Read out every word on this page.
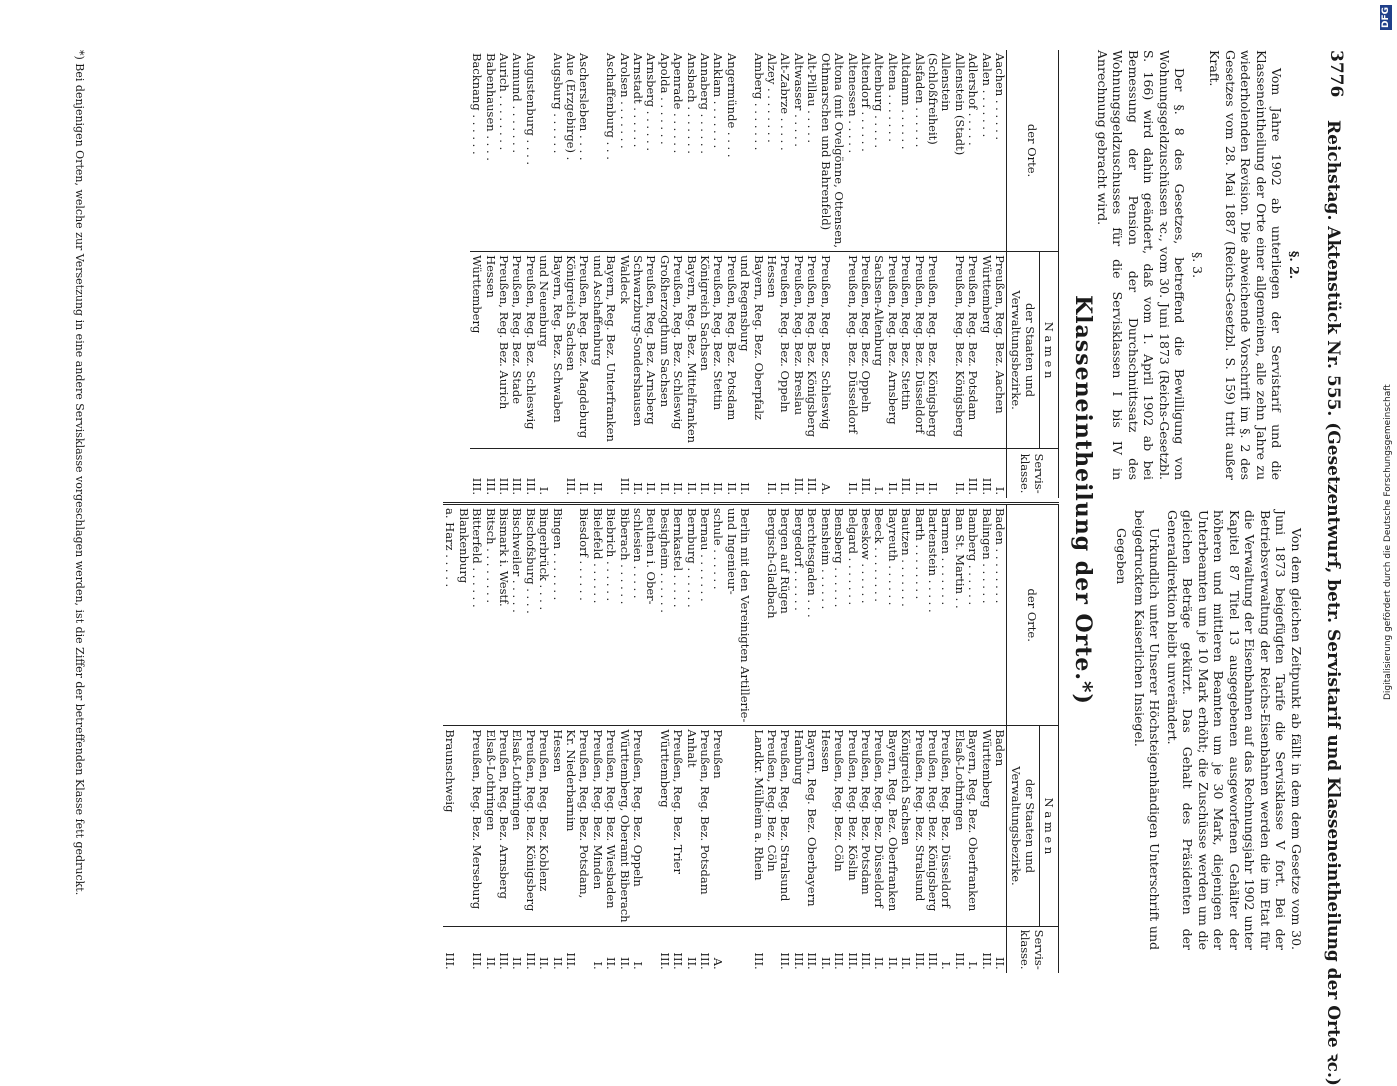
3776
Reichstag. Aktenstück Nr. 555. (Gesetzentwurf, betr. Servistarif und Klasseneintheilung der Orte ꝛc.)
§. 2.

Vom Jahre 1902 ab unterliegen der Servistarif und die Klasseneintheilung der Orte einer allgemeinen, alle zehn Jahre zu wiederholenden Revision. Die abweichende Vorschrift im §. 2 des Gesetzes vom 28. Mai 1887 (Reichs-Gesetzbl. S. 159) tritt außer Kraft.

§. 3.

Der §. 8 des Gesetzes, betreffend die Bewilligung von Wohnungsgeldzuschüssen ꝛc., vom 30. Juni 1873 (Reichs-Gesetzbl. S. 166) wird dahin geändert, daß vom 1. April 1902 ab bei Bemessung der Pension der Durchschnittssatz des Wohnungsgeldzuschusses für die Servisklassen I bis IV in Anrechnung gebracht wird.

Von dem gleichen Zeitpunkt ab fällt in dem dem Gesetze vom 30. Juni 1873 beigefügten Tarife die Servisklasse V fort. Bei der Betriebsverwaltung der Reichs-Eisenbahnen werden die im Etat für die Verwaltung der Eisenbahnen auf das Rechnungsjahr 1902 unter Kapitel 87 Titel 13 ausgegebenen ausgeworfenen Gehälter der höheren und mittleren Beamten um je 30 Mark, diejenigen der Unterbeamten um je 10 Mark erhöht; die Zuschüsse werden um die gleichen Beträge gekürzt. Das Gehalt des Präsidenten der Generaldirektion bleibt unverändert.

Urkundlich unter Unserer Höchsteigenhändigen Unterschrift und beigedrucktem Kaiserlichen Insiegel.

Gegeben

Klasseneintheilung der Orte.*)
der Orte.	N a m e n	Servis-klasse.
	der Staaten und Verwaltungsbezirke.	
Aachen . . . . . .	Preußen, Reg. Bez. Aachen	I.
Aalen . . . . . . .	Württemberg	III.
Adlershof . . . . .	Preußen, Reg. Bez. Potsdam	III.
Allenstein (Stadt)	Preußen, Reg. Bez. Königsberg	II.
Allenstein		
(Schloßfreiheit)	Preußen, Reg. Bez. Königsberg	II.
Alsfaden . . . . . .	Preußen, Reg. Bez. Düsseldorf	II.
Altdamm . . . . . .	Preußen, Reg. Bez. Stettin	III.
Altena . . . . . . .	Preußen, Reg. Bez. Arnsberg	II.
Altenburg . . . . .	Sachsen-Altenburg	I.
Altendorf . . . . . .	Preußen, Reg. Bez. Oppeln	III.
Altenessen . . . . .	Preußen, Reg. Bez. Düsseldorf	II.
Altona (mit Ovelgönne, Ottensen,		
Othmarschen und Bahrenfeld)	Preußen, Reg. Bez. Schleswig	A.
Alt-Pillau . . . . .	Preußen, Reg. Bez. Königsberg	III.
Altwasser . . . . .	Preußen, Reg. Bez. Breslau	III.
Alt-Zabrze . . . . .	Preußen, Reg. Bez. Oppeln	II.
Alzey . . . . . . . .	Hessen	II.
Amberg . . . . . . .	Bayern, Reg. Bez. Oberpfalz	
	und Regensburg	II.
Angermünde . . . .	Preußen, Reg. Bez. Potsdam	II.
Anklam . . . . . . .	Preußen, Reg. Bez. Stettin	II.
Annaberg . . . . . .	Königreich Sachsen	II.
Ansbach . . . . . . .	Bayern, Reg. Bez. Mittelfranken	II.
Apenrade . . . . . .	Preußen, Reg. Bez. Schleswig	II.
Apolda . . . . . . .	Großherzogthum Sachsen	II.
Arnsberg . . . . . .	Preußen, Reg. Bez. Arnsberg	II.
Arnstadt . . . . . .	Schwarzburg-Sondershausen	II.
Arolsen . . . . . . .	Waldeck	III.
Aschaffenburg . . .	Bayern, Reg. Bez. Unterfranken	
	und Aschaffenburg	II.
Aschersleben . . . .	Preußen, Reg. Bez. Magdeburg	II.
Aue (Erzgebirge) .	Königreich Sachsen	III.
Augsburg . . . . . .	Bayern, Reg. Bez. Schwaben	
	und Neuenburg	I.
Augustenburg . . . .	Preußen, Reg. Bez. Schleswig	III.
Aumund . . . . . . .	Preußen, Reg. Bez. Stade	III.
Aurich . . . . . . . .	Preußen, Reg. Bez. Aurich	III.

Babenhausen . . . .	Hessen	III.
Backnang . . . . . .	Württemberg	III.
der Orte.	N a m e n	Servis-klasse.
	der Staaten und Verwaltungsbezirke.	
Baden . . . . . . . .	Baden	II.
Balingen . . . . . .	Württemberg	III.
Bamberg . . . . . .	Bayern, Reg. Bez. Oberfranken	I.
Ban St. Martin . .	Elsaß-Lothringen	III.
Barmen . . . . . . .	Preußen, Reg. Bez. Düsseldorf	I.
Bartenstein . . . . .	Preußen, Reg. Bez. Königsberg	III.
Barth . . . . . . . .	Preußen, Reg. Bez. Stralsund	III.
Bautzen . . . . . . .	Königreich Sachsen	II.
Bayreuth . . . . . .	Bayern, Reg. Bez. Oberfranken	II.
Beeck . . . . . . . .	Preußen, Reg. Bez. Düsseldorf	II.
Beeskow . . . . . .	Preußen, Reg. Bez. Potsdam	III.
Belgard . . . . . . .	Preußen, Reg. Bez. Köslin	III.
Bensberg . . . . . .	Preußen, Reg. Bez. Cöln	III.
Bensheim . . . . . .	Hessen	II.
Berchtesgaden . . .	Bayern, Reg. Bez. Oberbayern	III.
Bergedorf . . . . . .	Hamburg	III.
Bergen auf Rügen	Preußen, Reg. Bez. Stralsund	III.
Bergisch-Gladbach	Preußen, Reg. Bez. Cöln	
	Landkr. Mülheim a. Rhein	III.
Berlin mit den Vereinigten Artillerie-		
und Ingenieur-		
schule . . . . . .	Preußen	A.
Bernau . . . . . . .	Preußen, Reg. Bez. Potsdam	III.
Bernburg . . . . . .	Anhalt	II.
Bernkastel . . . . .	Preußen, Reg. Bez. Trier	III.
Besigheim . . . . . .	Württemberg	III.
Beuthen i. Ober-		
schlesien . . . . .	Preußen, Reg. Bez. Oppeln	I.
Biberach . . . . . .	Württemberg, Oberamt Biberach	II.
Biebrich . . . . . .	Preußen, Reg. Bez. Wiesbaden	II.
Bielefeld . . . . . .	Preußen, Reg. Bez. Minden	I.
Biesdorf . . . . . .	Preußen, Reg. Bez. Potsdam,	
	Kr. Niederbarnim	III.
Bingen . . . . . . .	Hessen	II.
Bingerbrück . . . .	Preußen, Reg. Bez. Koblenz	II.
Bischofsburg . . . .	Preußen, Reg. Bez. Königsberg	III.
Bischweiler . . . . .	Elsaß-Lothringen	II.
Bismark i. Westf.	Preußen, Reg. Bez. Arnsberg	III.
Bitsch . . . . . . . .	Elsaß-Lothringen	II.
Bitterfeld . . . . . .	Preußen, Reg. Bez. Merseburg	III.
Blankenburg		
a. Harz . . . . .	Braunschweig	III.
*) Bei denjenigen Orten, welche zur Versetzung in eine andere Servisklasse vorgeschlagen werden, ist die Ziffer der betreffenden Klasse fett gedruckt.	Digitalisierung gefördert durch die Deutsche Forschungsgemeinschaft
DFG
